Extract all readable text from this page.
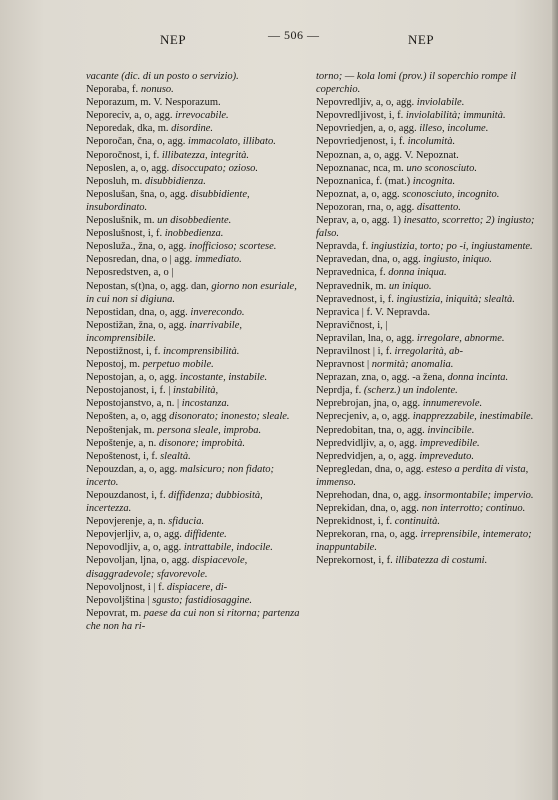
NEP	— 506 —	NEP

vacante (dic. di un posto o servizio).

Neporaba, f. nonuso.

Neporazum, m. V. Nesporazum.

Neporeciv, a, o, agg. irrevocabile.

Neporedak, dka, m. disordine.

Neporočan, čna, o, agg. immacolato, illibato.

Neporočnost, i, f. illibatezza, integrità.

Neposlen, a, o, agg. disoccupato; ozioso.

Neposluh, m. disubbidienza.

Neposlušan, šna, o, agg. disubbidiente, insubordinato.

Neposlušnik, m. un disobbediente.

Neposlušnost, i, f. inobbedienza.

Neposluža., žna, o, agg. inofficioso; scortese.

Neposredan, dna, o | agg. immediato.

Neposredstven, a, o |

Nepostan, s(t)na, o, agg. dan, giorno non esuriale, in cui non si digiuna.

Nepostidan, dna, o, agg. inverecondo.

Nepostižan, žna, o, agg. inarrivabile, incomprensibile.

Nepostižnost, i, f. incomprensibilità.

Nepostoj, m. perpetuo mobile.

Nepostojan, a, o, agg. incostante, instabile.

Nepostojanost, i, f. | instabilità,

Nepostojanstvo, a, n. | incostanza.

Nepošten, a, o, agg disonorato; inonesto; sleale.

Nepoštenjak, m. persona sleale, improba.

Nepoštenje, a, n. disonore; improbità.

Nepoštenost, i, f. slealtà.

Nepouzdan, a, o, agg. malsicuro; non fidato; incerto.

Nepouzdanost, i, f. diffidenza; dubbiosità, incertezza.

Nepovjerenje, a, n. sfiducia.

Nepovjerljiv, a, o, agg. diffidente.

Nepovodljiv, a, o, agg. intrattabile, indocile.

Nepovoljan, ljna, o, agg. dispiacevole, disaggradevole; sfavorevole.

Nepovoljnost, i | f. dispiacere, di-

Nepovoljština | sgusto; fastidiosaggine.

Nepovrat, m. paese da cui non si ritorna; partenza che non ha ri-

torno; — kola lomi (prov.) il soperchio rompe il coperchio.

Nepovredljiv, a, o, agg. inviolabile.

Nepovredljivost, i, f. inviolabilità; immunità.

Nepovriedjen, a, o, agg. illeso, incolume.

Nepovriedjenost, i, f. incolumità.

Nepoznan, a, o, agg. V. Nepoznat.

Nepoznanac, nca, m. uno sconosciuto.

Nepoznanica, f. (mat.) incognita.

Nepoznat, a, o, agg. sconosciuto, incognito.

Nepozoran, rna, o, agg. disattento.

Neprav, a, o, agg. 1) inesatto, scorretto; 2) ingiusto; falso.

Nepravda, f. ingiustizia, torto; po -i, ingiustamente.

Nepravedan, dna, o, agg. ingiusto, iniquo.

Nepravednica, f. donna iniqua.

Nepravednik, m. un iniquo.

Nepravednost, i, f. ingiustizia, iniquità; slealtà.

Nepravica | f. V. Nepravda.

Nepravičnost, i, |

Nepravilan, lna, o, agg. irregolare, abnorme.

Nepravilnost | i, f. irregolarità, ab-

Nepravnost | normità; anomalia.

Neprazan, zna, o, agg. -a žena, donna incinta.

Neprdja, f. (scherz.) un indolente.

Neprebrojan, jna, o, agg. innumerevole.

Neprecjeniv, a, o, agg. inapprezzabile, inestimabile.

Nepredobitan, tna, o, agg. invincibile.

Nepredvidljiv, a, o, agg. imprevedibile.

Nepredvidjen, a, o, agg. impreveduto.

Nepregledan, dna, o, agg. esteso a perdita di vista, immenso.

Neprehodan, dna, o, agg. insormontabile; impervio.

Neprekidan, dna, o, agg. non interrotto; continuo.

Neprekidnost, i, f. continuità.

Neprekoran, rna, o, agg. irreprensibile, intemerato; inappuntabile.

Neprekornost, i, f. illibatezza di costumi.
